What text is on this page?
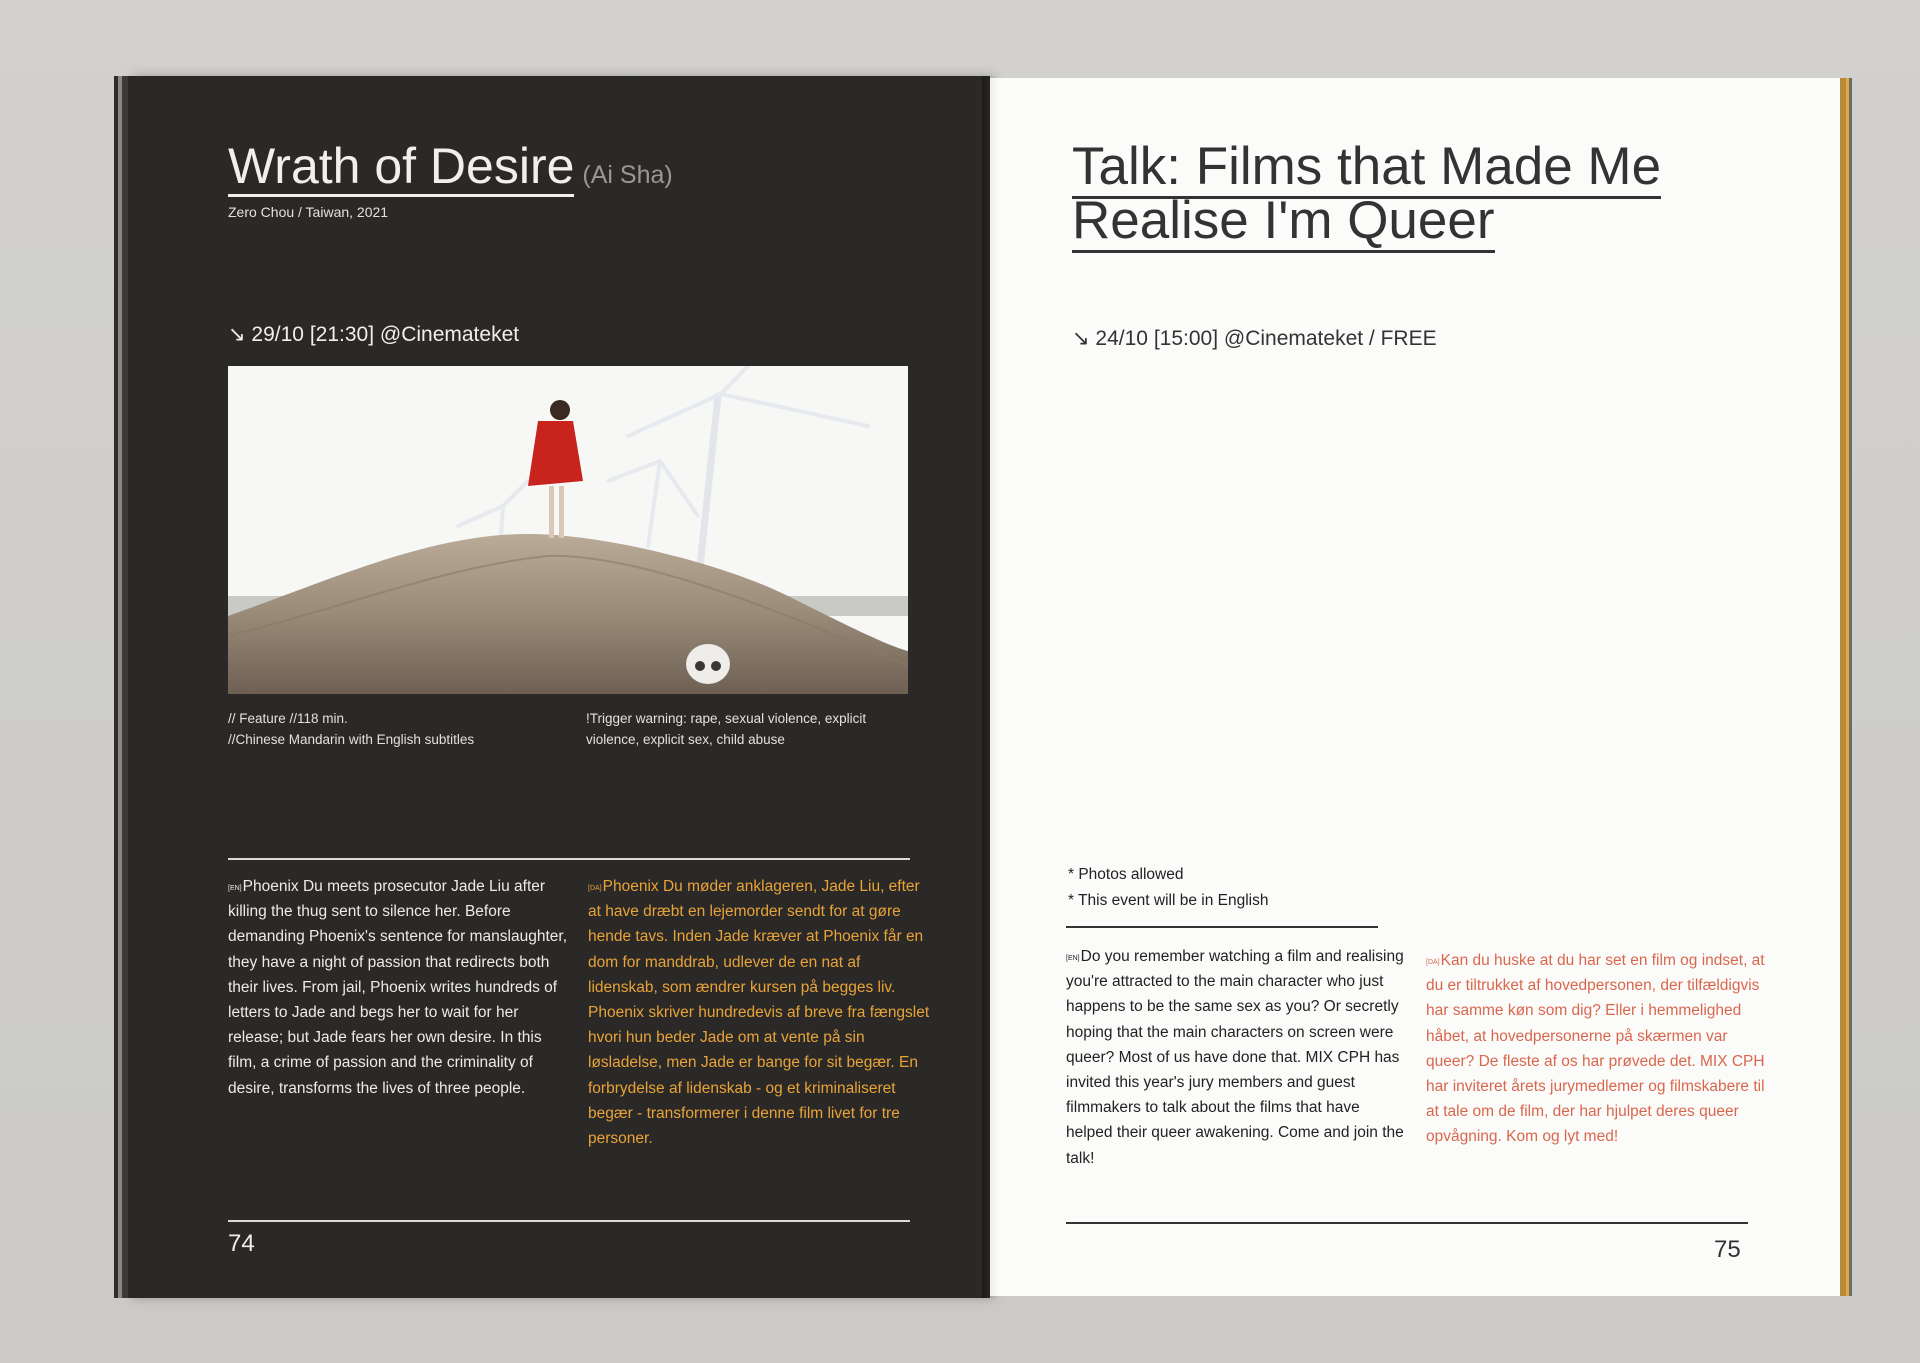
Wrath of Desire (Ai Sha)
Zero Chou / Taiwan, 2021
↘ 29/10 [21:30] @Cinemateket
// Feature //118 min.
//Chinese Mandarin with English subtitles
!Trigger warning: rape, sexual violence, explicit violence, explicit sex, child abuse
[EN]Phoenix Du meets prosecutor Jade Liu after killing the thug sent to silence her. Before demanding Phoenix's sentence for manslaughter, they have a night of passion that redirects both their lives. From jail, Phoenix writes hundreds of letters to Jade and begs her to wait for her release; but Jade fears her own desire. In this film, a crime of passion and the criminality of desire, transforms the lives of three people.
[DA]Phoenix Du møder anklageren, Jade Liu, efter at have dræbt en lejemorder sendt for at gøre hende tavs. Inden Jade kræver at Phoenix får en dom for manddrab, udlever de en nat af lidenskab, som ændrer kursen på begges liv. Phoenix skriver hundredevis af breve fra fængslet hvori hun beder Jade om at vente på sin løsladelse, men Jade er bange for sit begær. En forbrydelse af lidenskab - og et kriminaliseret begær - transformerer i denne film livet for tre personer.
74
Talk: Films that Made Me Realise I'm Queer
↘ 24/10 [15:00] @Cinemateket / FREE
* Photos allowed
* This event will be in English
[EN]Do you remember watching a film and realising you're attracted to the main character who just happens to be the same sex as you? Or secretly hoping that the main characters on screen were queer? Most of us have done that. MIX CPH has invited this year's jury members and guest filmmakers to talk about the films that have helped their queer awakening. Come and join the talk!
[DA]Kan du huske at du har set en film og indset, at du er tiltrukket af hovedpersonen, der tilfældigvis har samme køn som dig? Eller i hemmelighed håbet, at hovedpersonerne på skærmen var queer? De fleste af os har prøvede det. MIX CPH har inviteret årets jurymedlemer og filmskabere til at tale om de film, der har hjulpet deres queer opvågning. Kom og lyt med!
75
